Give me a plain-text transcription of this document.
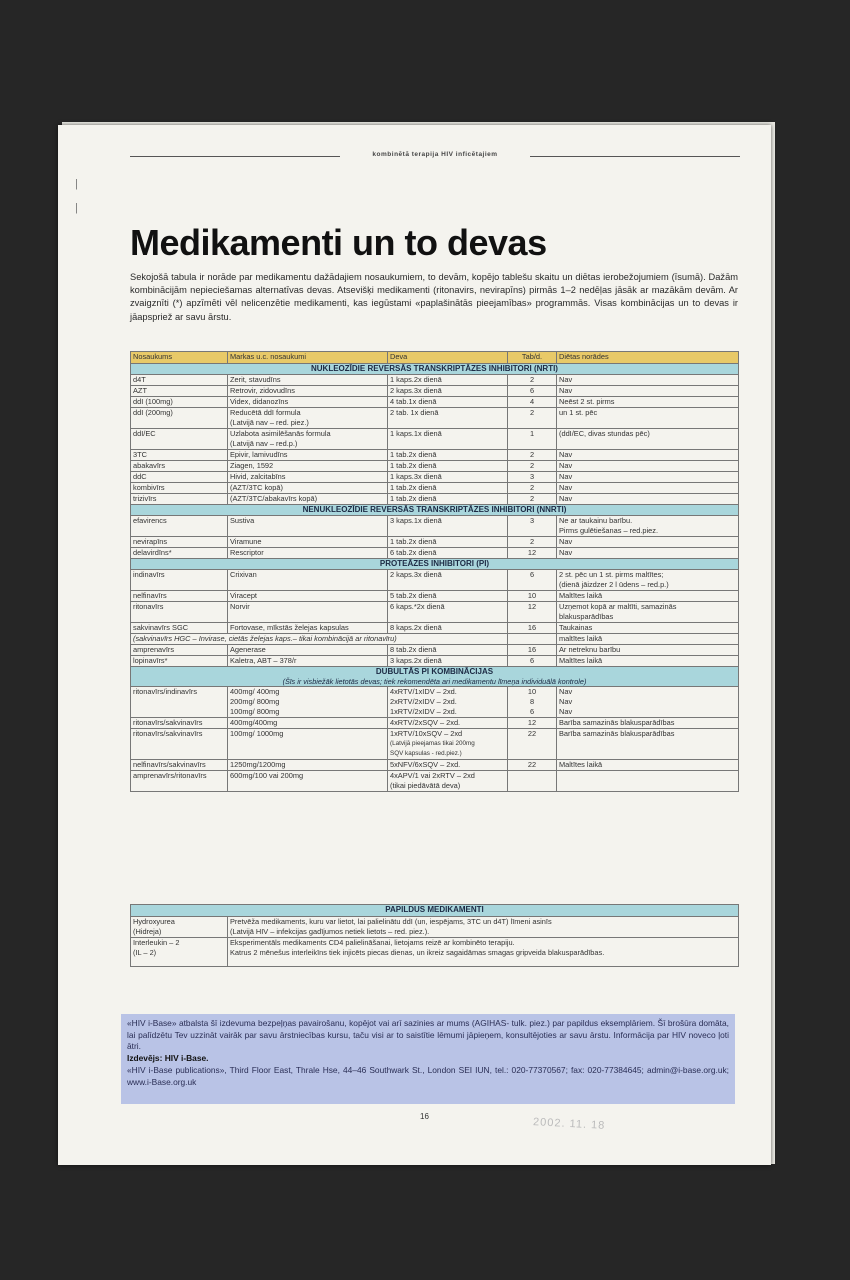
kombinētā terapija HIV inficētajiem
|

|
Medikamenti un to devas
Sekojošā tabula ir norāde par medikamentu dažādajiem nosaukumiem, to devām, kopējo tablešu skaitu un diētas ierobežojumiem (īsumā). Dažām kombinācijām nepieciešamas alternatīvas devas. Atsevišķi medikamenti (ritonavirs, nevirapīns) pirmās 1–2 nedēļas jāsāk ar mazākām devām. Ar zvaigznīti (*) apzīmēti vēl nelicenzētie medikamenti, kas iegūstami «paplašinātās pieejamības» programmās. Visas kombinācijas un to devas ir jāapspriež ar savu ārstu.
Nosaukums	Markas u.c. nosaukumi	Deva	Tab/d.	Diētas norādes
NUKLEOZĪDIE REVERSĀS TRANSKRIPTĀZES INHIBITORI (NRTI)				
d4T	Zerit, stavudīns	1 kaps.2x dienā	2	Nav
AZT	Retrovir, zidovudīns	2 kaps.3x dienā	6	Nav
ddI (100mg)	Videx, didanozīns	4 tab.1x dienā	4	Neēst 2 st. pirms
ddI (200mg)	Reducētā ddI formula	2 tab. 1x dienā	2	un 1 st. pēc
	(Latvijā nav – red. piez.)			
ddI/EC	Uzlabota asimilēšanās formula	1 kaps.1x dienā	1	(ddI/EC, divas stundas pēc)
	(Latvijā nav – red.p.)			
3TC	Epivir, lamivudīns	1 tab.2x dienā	2	Nav
abakavīrs	Ziagen, 1592	1 tab.2x dienā	2	Nav
ddC	Hivid, zalcitabīns	1 kaps.3x dienā	3	Nav
kombivīrs	(AZT/3TC kopā)	1 tab.2x dienā	2	Nav
trizivīrs	(AZT/3TC/abakavīrs kopā)	1 tab.2x dienā	2	Nav
NENUKLEOZĪDIE REVERSĀS TRANSKRIPTĀZES INHIBITORI (NNRTI)				
efavirencs	Sustiva	3 kaps.1x dienā	3	Ne ar taukainu barību.
				Pirms gulētiešanas – red.piez.
nevirapīns	Viramune	1 tab.2x dienā	2	Nav
delavirdīns*	Rescriptor	6 tab.2x dienā	12	Nav
PROTEĀZES INHIBITORI (PI)				
indinavīrs	Crixivan	2 kaps.3x dienā	6	2 st. pēc un 1 st. pirms maltītes;
				(dienā jāizdzer 2 l ūdens – red.p.)
nelfinavīrs	Viracept	5 tab.2x dienā	10	Maltītes laikā
ritonavīrs	Norvir	6 kaps.*2x dienā	12	Uzņemot kopā ar maltīti, samazinās
				blakusparādības
sakvinavīrs SGC	Fortovase, mīkstās želejas kapsulas	8 kaps.2x dienā	16	Taukainas
(sakvinavīrs HGC – Invirase, cietās želejas kaps.– tikai kombinācijā ar ritonavīru)				maltītes laikā
amprenavīrs	Agenerase	8 tab.2x dienā	16	Ar netreknu barību
lopinavīrs*	Kaletra, ABT – 378/r	3 kaps.2x dienā	6	Maltītes laikā
DUBULTĀS PI KOMBINĀCIJAS
(Šīs ir visbiežāk lietotās devas; tiek rekomendēta ari medikamentu līmeņa individuālā kontrole)				

ritonavīrs/indinavīrs	400mg/ 400mg	4xRTV/1xIDV – 2xd.	10	Nav
	200mg/ 800mg	2xRTV/2xIDV – 2xd.	8	Nav
	100mg/ 800mg	1xRTV/2xIDV – 2xd.	6	Nav
ritonavīrs/sakvinavīrs	400mg/400mg	4xRTV/2xSQV – 2xd.	12	Barība samazinās blakusparādības
ritonavīrs/sakvinavīrs	100mg/ 1000mg	1xRTV/10xSQV – 2xd	22	Barība samazinās blakusparādības
		(Latvijā pieejamas tikai 200mg		
		SQV kapsulas - red.piez.)		
nelfinavīrs/sakvinavīrs	1250mg/1200mg	5xNFV/6xSQV – 2xd.	22	Maltītes laikā
amprenavīrs/ritonavīrs	600mg/100 vai 200mg	4xAPV/1 vai 2xRTV – 2xd		
		(tikai piedāvātā deva)		
PAPILDUS MEDIKAMENTI	
Hydroxyurea	Pretvēža medikaments, kuru var lietot, lai palielinātu ddI (un, iespējams, 3TC un d4T) līmeni asinīs
(Hidreja)	(Latvijā HIV – infekcijas gadījumos netiek lietots – red. piez.).
Interleukin – 2	Eksperimentāls medikaments CD4 palielināšanai, lietojams reizē ar kombinēto terapiju.
(IL – 2)	Katrus 2 mēnešus interleikīns tiek injicēts piecas dienas, un ikreiz sagaidāmas smagas gripveida blakusparādības.
«HIV i-Base» atbalsta šī izdevuma bezpeļņas pavairošanu, kopējot vai arī sazinies ar mums (AGIHAS- tulk. piez.) par papildus eksemplāriem. Šī brošūra domāta, lai palīdzētu Tev uzzināt vairāk par savu ārstniecības kursu, taču visi ar to saistītie lēmumi jāpieņem, konsultējoties ar savu ārstu. Informācija par HIV noveco ļoti ātri.
Izdevējs: HIV i-Base.
«HIV i-Base publications», Third Floor East, Thrale Hse, 44–46 Southwark St., London SEI IUN, tel.: 020-77370567; fax: 020-77384645; admin@i-base.org.uk; www.i-Base.org.uk
16	2002. 11. 18
